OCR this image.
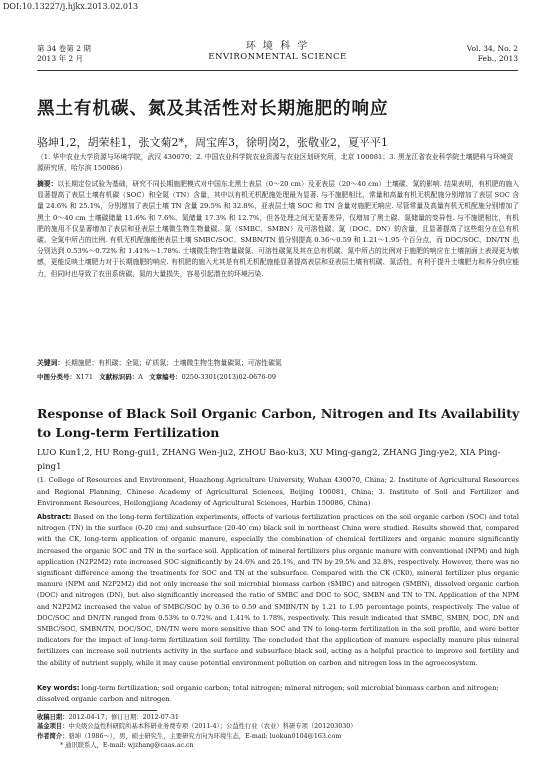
DOI:10.13227/j.hjkx.2013.02.013
第 34 卷第 2 期
2013 年 2 月
环 境 科 学
ENVIRONMENTAL SCIENCE
Vol. 34, No. 2
Feb., 2013
黑土有机碳、氮及其活性对长期施肥的响应
骆坤1,2，胡荣桂1，张文菊2*，周宝库3，徐明岗2，张敬业2，夏平平1
（1. 华中农业大学资源与环境学院，武汉 430070；2. 中国农业科学院农业资源与农业区划研究所，北京 100081；3. 黑龙江省农业科学院土壤肥料与环境资源研究所，哈尔滨 150086）
摘要：以长期定位试验为基础，研究不同长期施肥模式对中国东北黑土表层（0～20 cm）及亚表层（20～40 cm）土壤碳、氮的影响. 结果表明，有机肥的施入显著提高了表层土壤有机碳（SOC）和全氮（TN）含量，其中以有机无机配施处理最为显著. 与不施肥相比，常量和高量有机无机配施分别增加了表层 SOC 含量 24.6% 和 25.1%，分别增加了表层土壤 TN 含量 29.5% 和 32.8%，亚表层土壤 SOC 和 TN 含量对施肥无响应. 尽管常量及高量有机无机配施分别增加了黑土 0～40 cm 土壤碳储量 11.6% 和 7.6%、氮储量 17.3% 和 12.7%，但各处理之间无显著差异，仅增加了黑土碳、氮储量的变异性. 与不施肥相比，有机肥的施用不仅显著增加了表层和亚表层土壤微生物生物量碳、氮（SMBC、SMBN）及可溶性碳、氮（DOC、DN）的含量，且显著提高了这些组分在总有机碳、全氮中所占的比例. 有机无机配施能使表层土壤 SMBC/SOC、SMBN/TN 值分别提高 0.36～0.59 和 1.21～1.95 个百分点，而 DOC/SOC、DN/TN 也分别达到 0.53%～0.72% 和 1.41%～1.78%. 土壤微生物生物量碳氮、可溶性碳氮及其在总有机碳、氮中所占的比例对于施肥的响应在土壤剖面上表现更为敏感，更能反映土壤肥力对于长期施肥的响应. 有机肥的施入尤其是有机无机配施能显著提高表层和亚表层土壤有机碳、氮活性，有利于提升土壤肥力和养分供应能力，但同时也导致了农田系统碳、氮的大量损失，容易引起潜在的环境污染.
关键词：长期施肥；有机碳；全氮；矿质氮；土壤微生物生物量碳氮；可溶性碳氮
中图分类号：X171 文献标识码：A 文章编号：0250-3301(2013)02-0676-09
Response of Black Soil Organic Carbon, Nitrogen and Its Availability to Long-term Fertilization
LUO Kun1,2, HU Rong-gui1, ZHANG Wen-ju2, ZHOU Bao-ku3, XU Ming-gang2, ZHANG Jing-ye2, XIA Ping-ping1
(1. College of Resources and Environment, Huazhong Agriculture University, Wuhan 430070, China; 2. Institute of Agricultural Resources and Regional Planning, Chinese Academy of Agricultural Sciences, Beijing 100081, China; 3. Institute of Soil and Fertilizer and Environment Resources, Heilongjiang Academy of Agricultural Sciences, Harbin 150086, China)
Abstract: Based on the long-term fertilization experiments, effects of various fertilization practices on the soil organic carbon (SOC) and total nitrogen (TN) in the surface (0-20 cm) and subsurface (20-40 cm) black soil in northeast China were studied. Results showed that, compared with the CK, long-term application of organic manure, especially the combination of chemical fertilizers and organic manure significantly increased the organic SOC and TN in the surface soil. Application of mineral fertilizers plus organic manure with conventional (NPM) and high application (N2P2M2) rate increased SOC significantly by 24.6% and 25.1%, and TN by 29.5% and 32.8%, respectively. However, there was no significant difference among the treatments for SOC and TN at the subsurface. Compared with the CK (CK0), mineral fertilizer plus organic manure (NPM and N2P2M2) did not only increase the soil microbial biomass carbon (SMBC) and nitrogen (SMBN), dissolved organic carbon (DOC) and nitrogen (DN), but also significantly increased the ratio of SMBC and DOC to SOC, SMBN and TN to TN. Application of the NPM and N2P2M2 increased the value of SMBC/SOC by 0.36 to 0.59 and SMBN/TN by 1.21 to 1.95 percentage points, respectively. The value of DOC/SOC and DN/TN ranged from 0.53% to 0.72% and 1.41% to 1.78%, respectively. This result indicated that SMBC, SMBN, DOC, DN and SMBC/SOC, SMBN/TN, DOC/SOC, DN/TN were more sensitive than SOC and TN to long-term fertilization in the soil profile, and were better indicators for the impact of long-term fertilization soil fertility. The concluded that the application of manure especially manure plus mineral fertilizers can increase soil nutrients activity in the surface and subsurface black soil, acting as a helpful practice to improve soil fertility and the ability of nutrient supply, while it may cause potential environment pollution on carbon and nitrogen loss in the agroecosystem.
Key words: long-term fertilization; soil organic carbon; total nitrogen; mineral nitrogen; soil microbial biomass carbon and nitrogen; dissolved organic carbon and nitrogen
收稿日期：2012-04-17；修订日期：2012-07-31
基金项目：中央级公益性科研院所基本科研业务费专项（2011-4）；公益性行业（农业）科研专项（201203030）
作者简介：骆坤（1986～），男，硕士研究生，主要研究方向为环境生态，E-mail: luokun0104@163.com
* 通讯联系人，E-mail: wjzhang@caas.ac.cn
